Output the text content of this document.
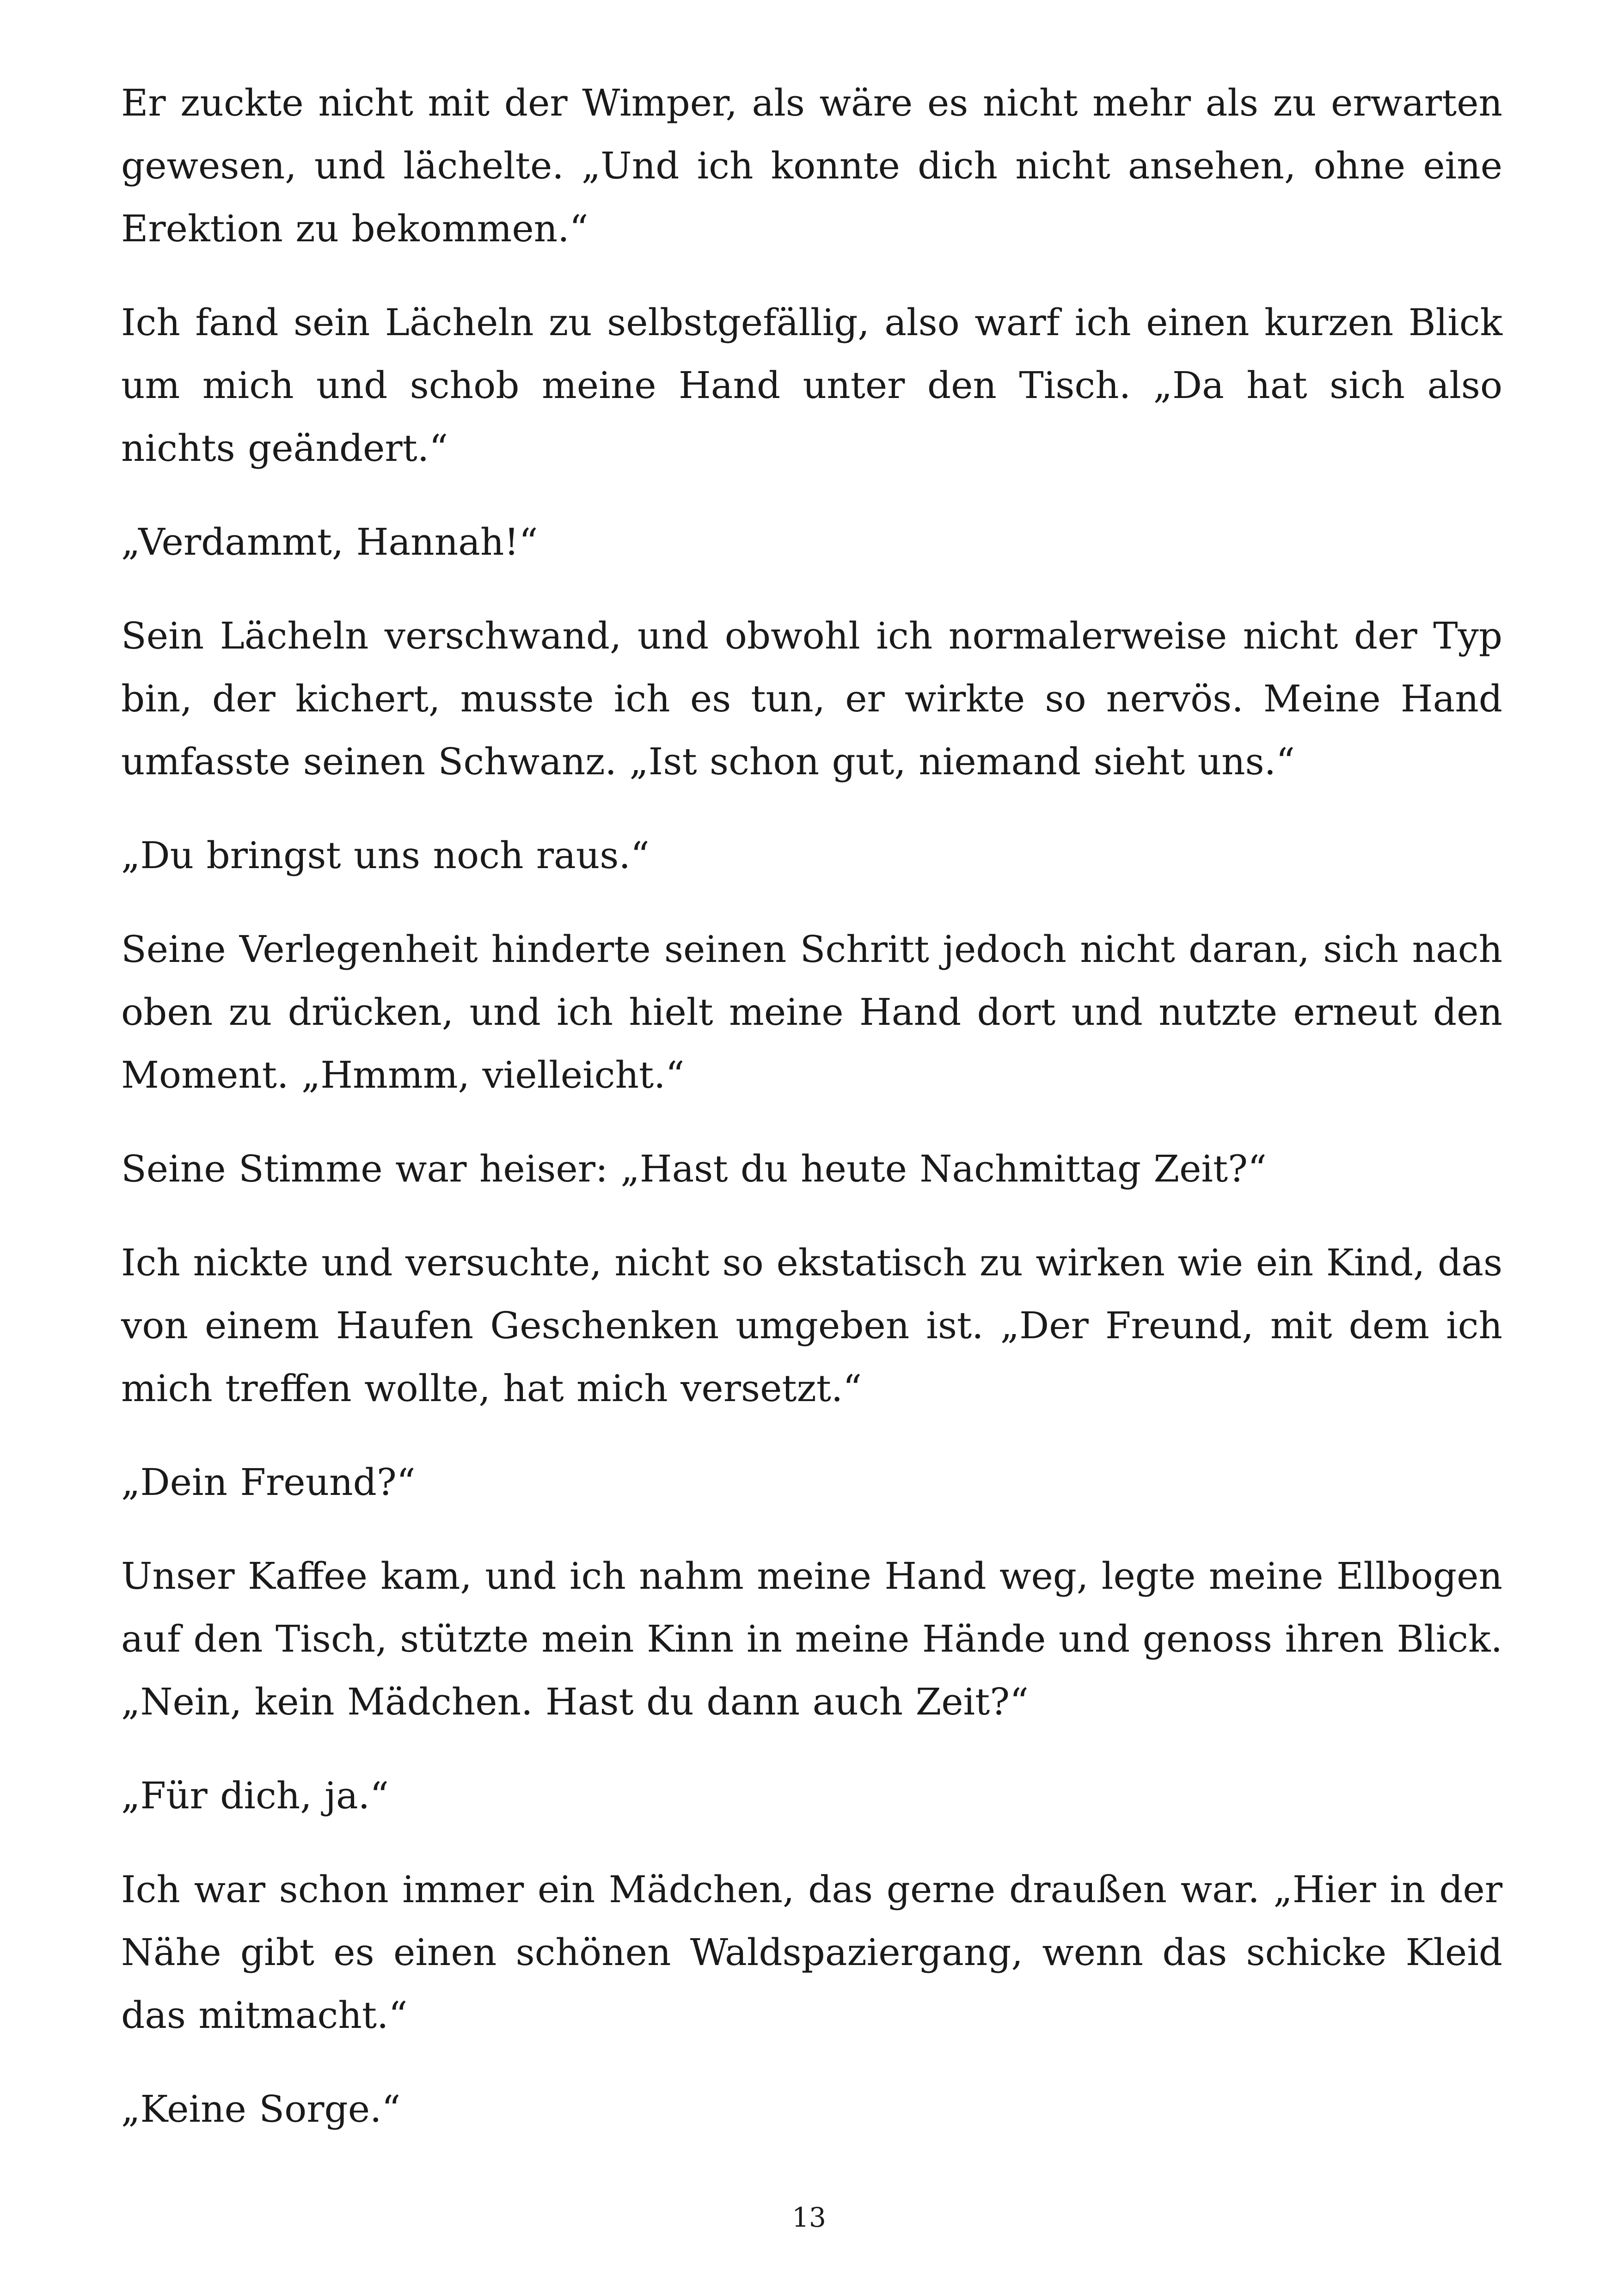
Er zuckte nicht mit der Wimper, als wäre es nicht mehr als zu erwarten gewesen, und lächelte. „Und ich konnte dich nicht ansehen, ohne eine Erektion zu bekommen.“

Ich fand sein Lächeln zu selbstgefällig, also warf ich einen kurzen Blick um mich und schob meine Hand unter den Tisch. „Da hat sich also nichts geändert.“

„Verdammt, Hannah!“

Sein Lächeln verschwand, und obwohl ich normalerweise nicht der Typ bin, der kichert, musste ich es tun, er wirkte so nervös. Meine Hand umfasste seinen Schwanz. „Ist schon gut, niemand sieht uns.“

„Du bringst uns noch raus.“

Seine Verlegenheit hinderte seinen Schritt jedoch nicht daran, sich nach oben zu drücken, und ich hielt meine Hand dort und nutzte erneut den Moment. „Hmmm, vielleicht.“

Seine Stimme war heiser: „Hast du heute Nachmittag Zeit?“

Ich nickte und versuchte, nicht so ekstatisch zu wirken wie ein Kind, das von einem Haufen Geschenken umgeben ist. „Der Freund, mit dem ich mich treffen wollte, hat mich versetzt.“

„Dein Freund?“

Unser Kaffee kam, und ich nahm meine Hand weg, legte meine Ellbogen auf den Tisch, stützte mein Kinn in meine Hände und genoss ihren Blick. „Nein, kein Mädchen. Hast du dann auch Zeit?“

„Für dich, ja.“

Ich war schon immer ein Mädchen, das gerne draußen war. „Hier in der Nähe gibt es einen schönen Waldspaziergang, wenn das schicke Kleid das mitmacht.“

„Keine Sorge.“

13
